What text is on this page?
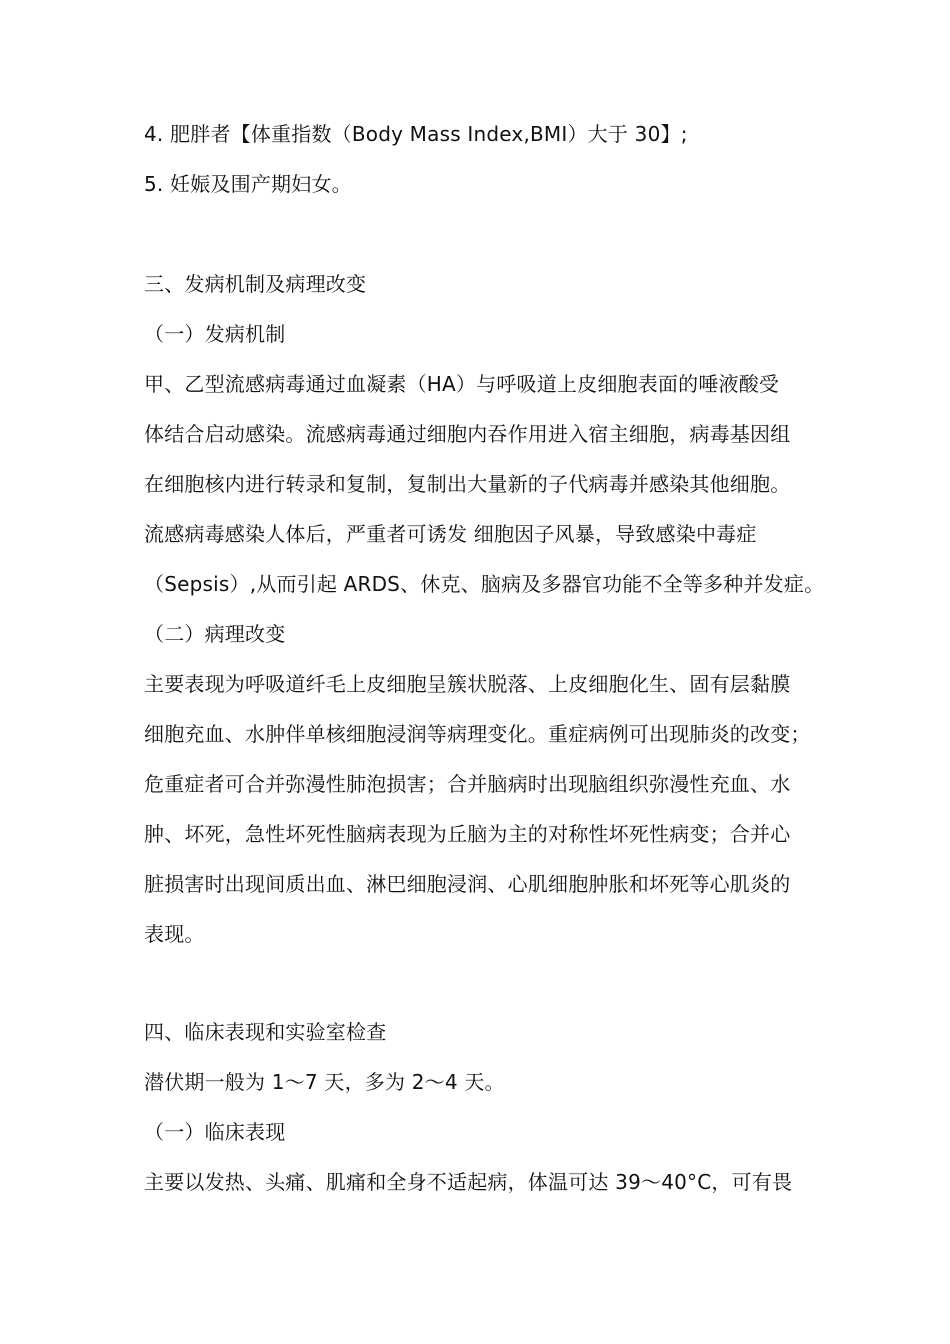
4. 肥胖者【体重指数（Body Mass Index,BMI）大于 30】;
5. 妊娠及围产期妇女。
三、发病机制及病理改变
（一）发病机制
甲、乙型流感病毒通过血凝素（HA）与呼吸道上皮细胞表面的唾液酸受
体结合启动感染。流感病毒通过细胞内吞作用进入宿主细胞，病毒基因组
在细胞核内进行转录和复制，复制出大量新的子代病毒并感染其他细胞。
流感病毒感染人体后，严重者可诱发 细胞因子风暴，导致感染中毒症
（Sepsis）,从而引起 ARDS、休克、脑病及多器官功能不全等多种并发症。
（二）病理改变
主要表现为呼吸道纤毛上皮细胞呈簇状脱落、上皮细胞化生、固有层黏膜
细胞充血、水肿伴单核细胞浸润等病理变化。重症病例可出现肺炎的改变；
危重症者可合并弥漫性肺泡损害；合并脑病时出现脑组织弥漫性充血、水
肿、坏死，急性坏死性脑病表现为丘脑为主的对称性坏死性病变；合并心
脏损害时出现间质出血、淋巴细胞浸润、心肌细胞肿胀和坏死等心肌炎的
表现。
四、临床表现和实验室检查
潜伏期一般为 1～7 天，多为 2～4 天。
（一）临床表现
主要以发热、头痛、肌痛和全身不适起病，体温可达 39～40°C，可有畏
